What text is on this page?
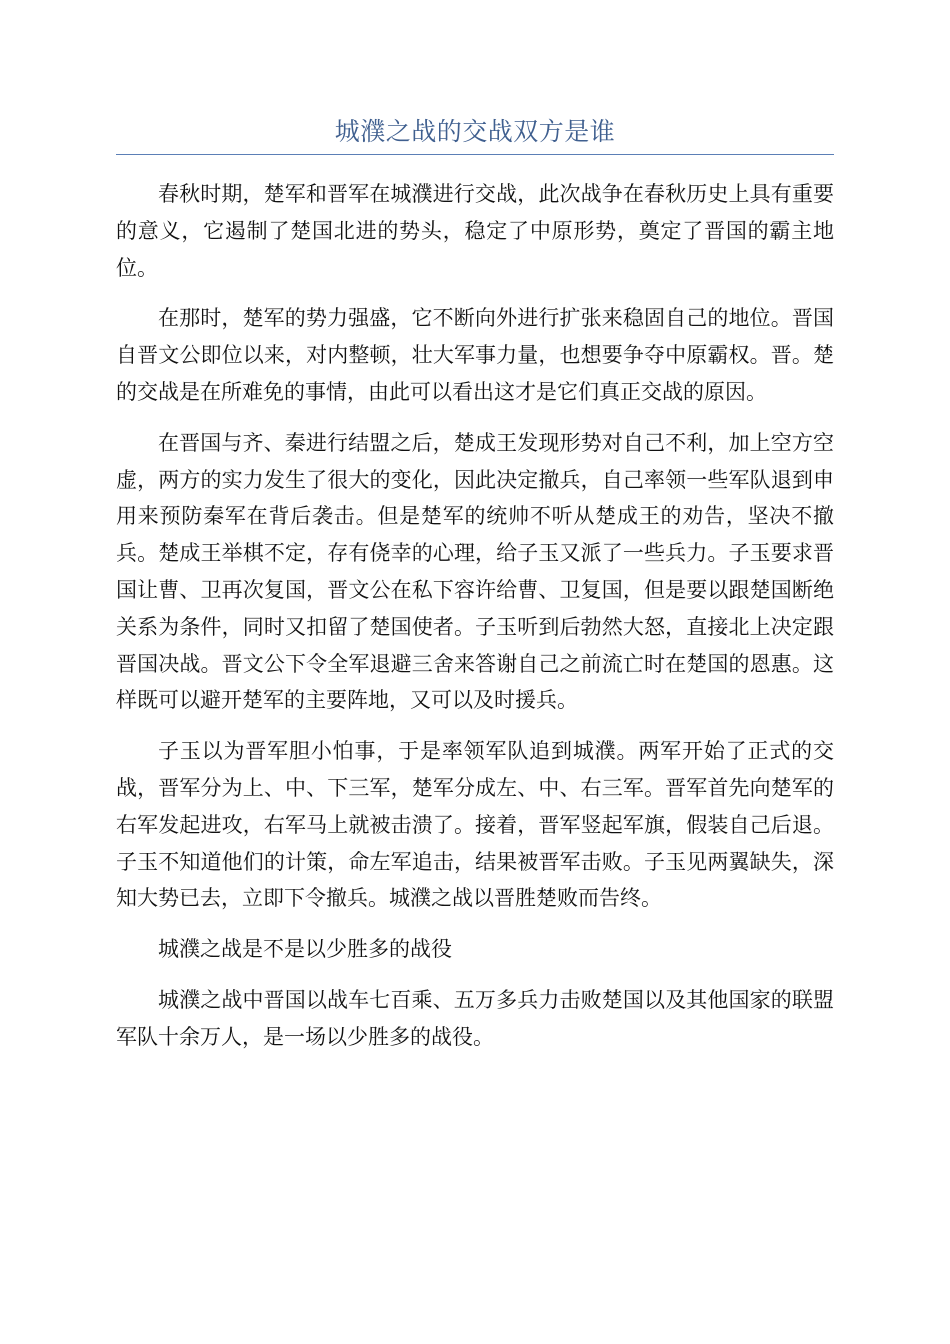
城濮之战的交战双方是谁

春秋时期，楚军和晋军在城濮进行交战，此次战争在春秋历史上具有重要的意义，它遏制了楚国北进的势头，稳定了中原形势，奠定了晋国的霸主地位。

在那时，楚军的势力强盛，它不断向外进行扩张来稳固自己的地位。晋国自晋文公即位以来，对内整顿，壮大军事力量，也想要争夺中原霸权。晋。楚的交战是在所难免的事情，由此可以看出这才是它们真正交战的原因。

在晋国与齐、秦进行结盟之后，楚成王发现形势对自己不利，加上空方空虚，两方的实力发生了很大的变化，因此决定撤兵，自己率领一些军队退到申用来预防秦军在背后袭击。但是楚军的统帅不听从楚成王的劝告，坚决不撤兵。楚成王举棋不定，存有侥幸的心理，给子玉又派了一些兵力。子玉要求晋国让曹、卫再次复国，晋文公在私下容许给曹、卫复国，但是要以跟楚国断绝关系为条件，同时又扣留了楚国使者。子玉听到后勃然大怒，直接北上决定跟晋国决战。晋文公下令全军退避三舍来答谢自己之前流亡时在楚国的恩惠。这样既可以避开楚军的主要阵地，又可以及时援兵。

子玉以为晋军胆小怕事，于是率领军队追到城濮。两军开始了正式的交战，晋军分为上、中、下三军，楚军分成左、中、右三军。晋军首先向楚军的右军发起进攻，右军马上就被击溃了。接着，晋军竖起军旗，假装自己后退。子玉不知道他们的计策，命左军追击，结果被晋军击败。子玉见两翼缺失，深知大势已去，立即下令撤兵。城濮之战以晋胜楚败而告终。

城濮之战是不是以少胜多的战役

城濮之战中晋国以战车七百乘、五万多兵力击败楚国以及其他国家的联盟军队十余万人，是一场以少胜多的战役。
